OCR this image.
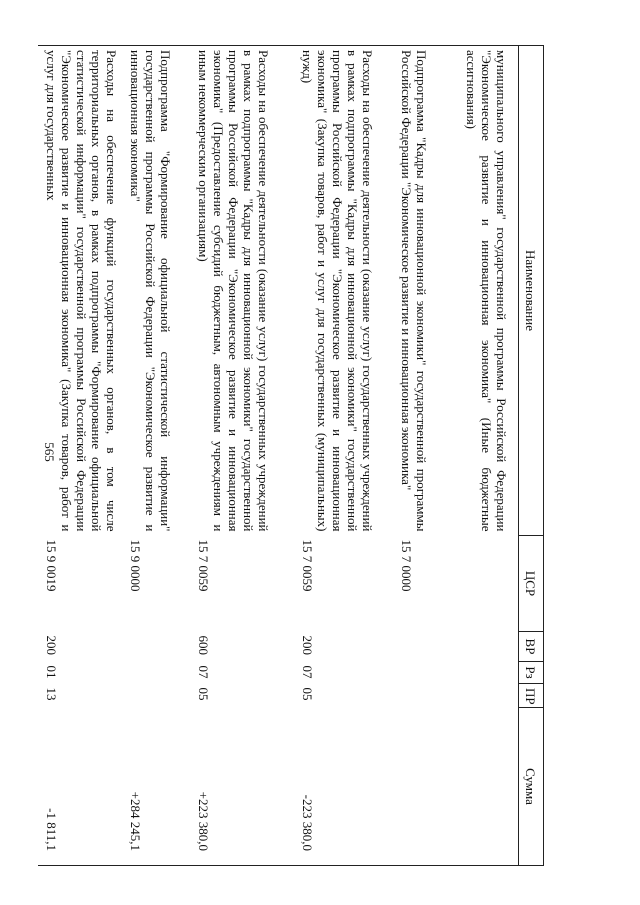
565
Наименование	ЦСР	ВР	Рз	ПР	Сумма
муниципального управления" государственной программы Российской Федерации "Экономическое развитие и инновационная экономика" (Иные бюджетные ассигнования)					
Подпрограмма "Кадры для инновационной экономики" государственной программы Российской Федерации "Экономическое развитие и инновационная экономика"	15 7 0000				
Расходы на обеспечение деятельности (оказание услуг) государственных учреждений в рамках подпрограммы "Кадры для инновационной экономики" государственной программы Российской Федерации "Экономическое развитие и инновационная экономика" (Закупка товаров, работ и услуг для государственных (муниципальных) нужд)	15 7 0059	200	07	05	-223 380,0
Расходы на обеспечение деятельности (оказание услуг) государственных учреждений в рамках подпрограммы "Кадры для инновационной экономики" государственной программы Российской Федерации "Экономическое развитие и инновационная экономика" (Предоставление субсидий бюджетным, автономным учреждениям и иным некоммерческим организациям)	15 7 0059	600	07	05	+223 380,0
Подпрограмма "Формирование официальной статистической информации" государственной программы Российской Федерации "Экономическое развитие и инновационная экономика"	15 9 0000				+284 245,1
Расходы на обеспечение функций государственных органов, в том числе территориальных органов, в рамках подпрограммы "Формирование официальной статистической информации" государственной программы Российской Федерации "Экономическое развитие и инновационная экономика" (Закупка товаров, работ и услуг для государственных	15 9 0019	200	01	13	-1 811,1
